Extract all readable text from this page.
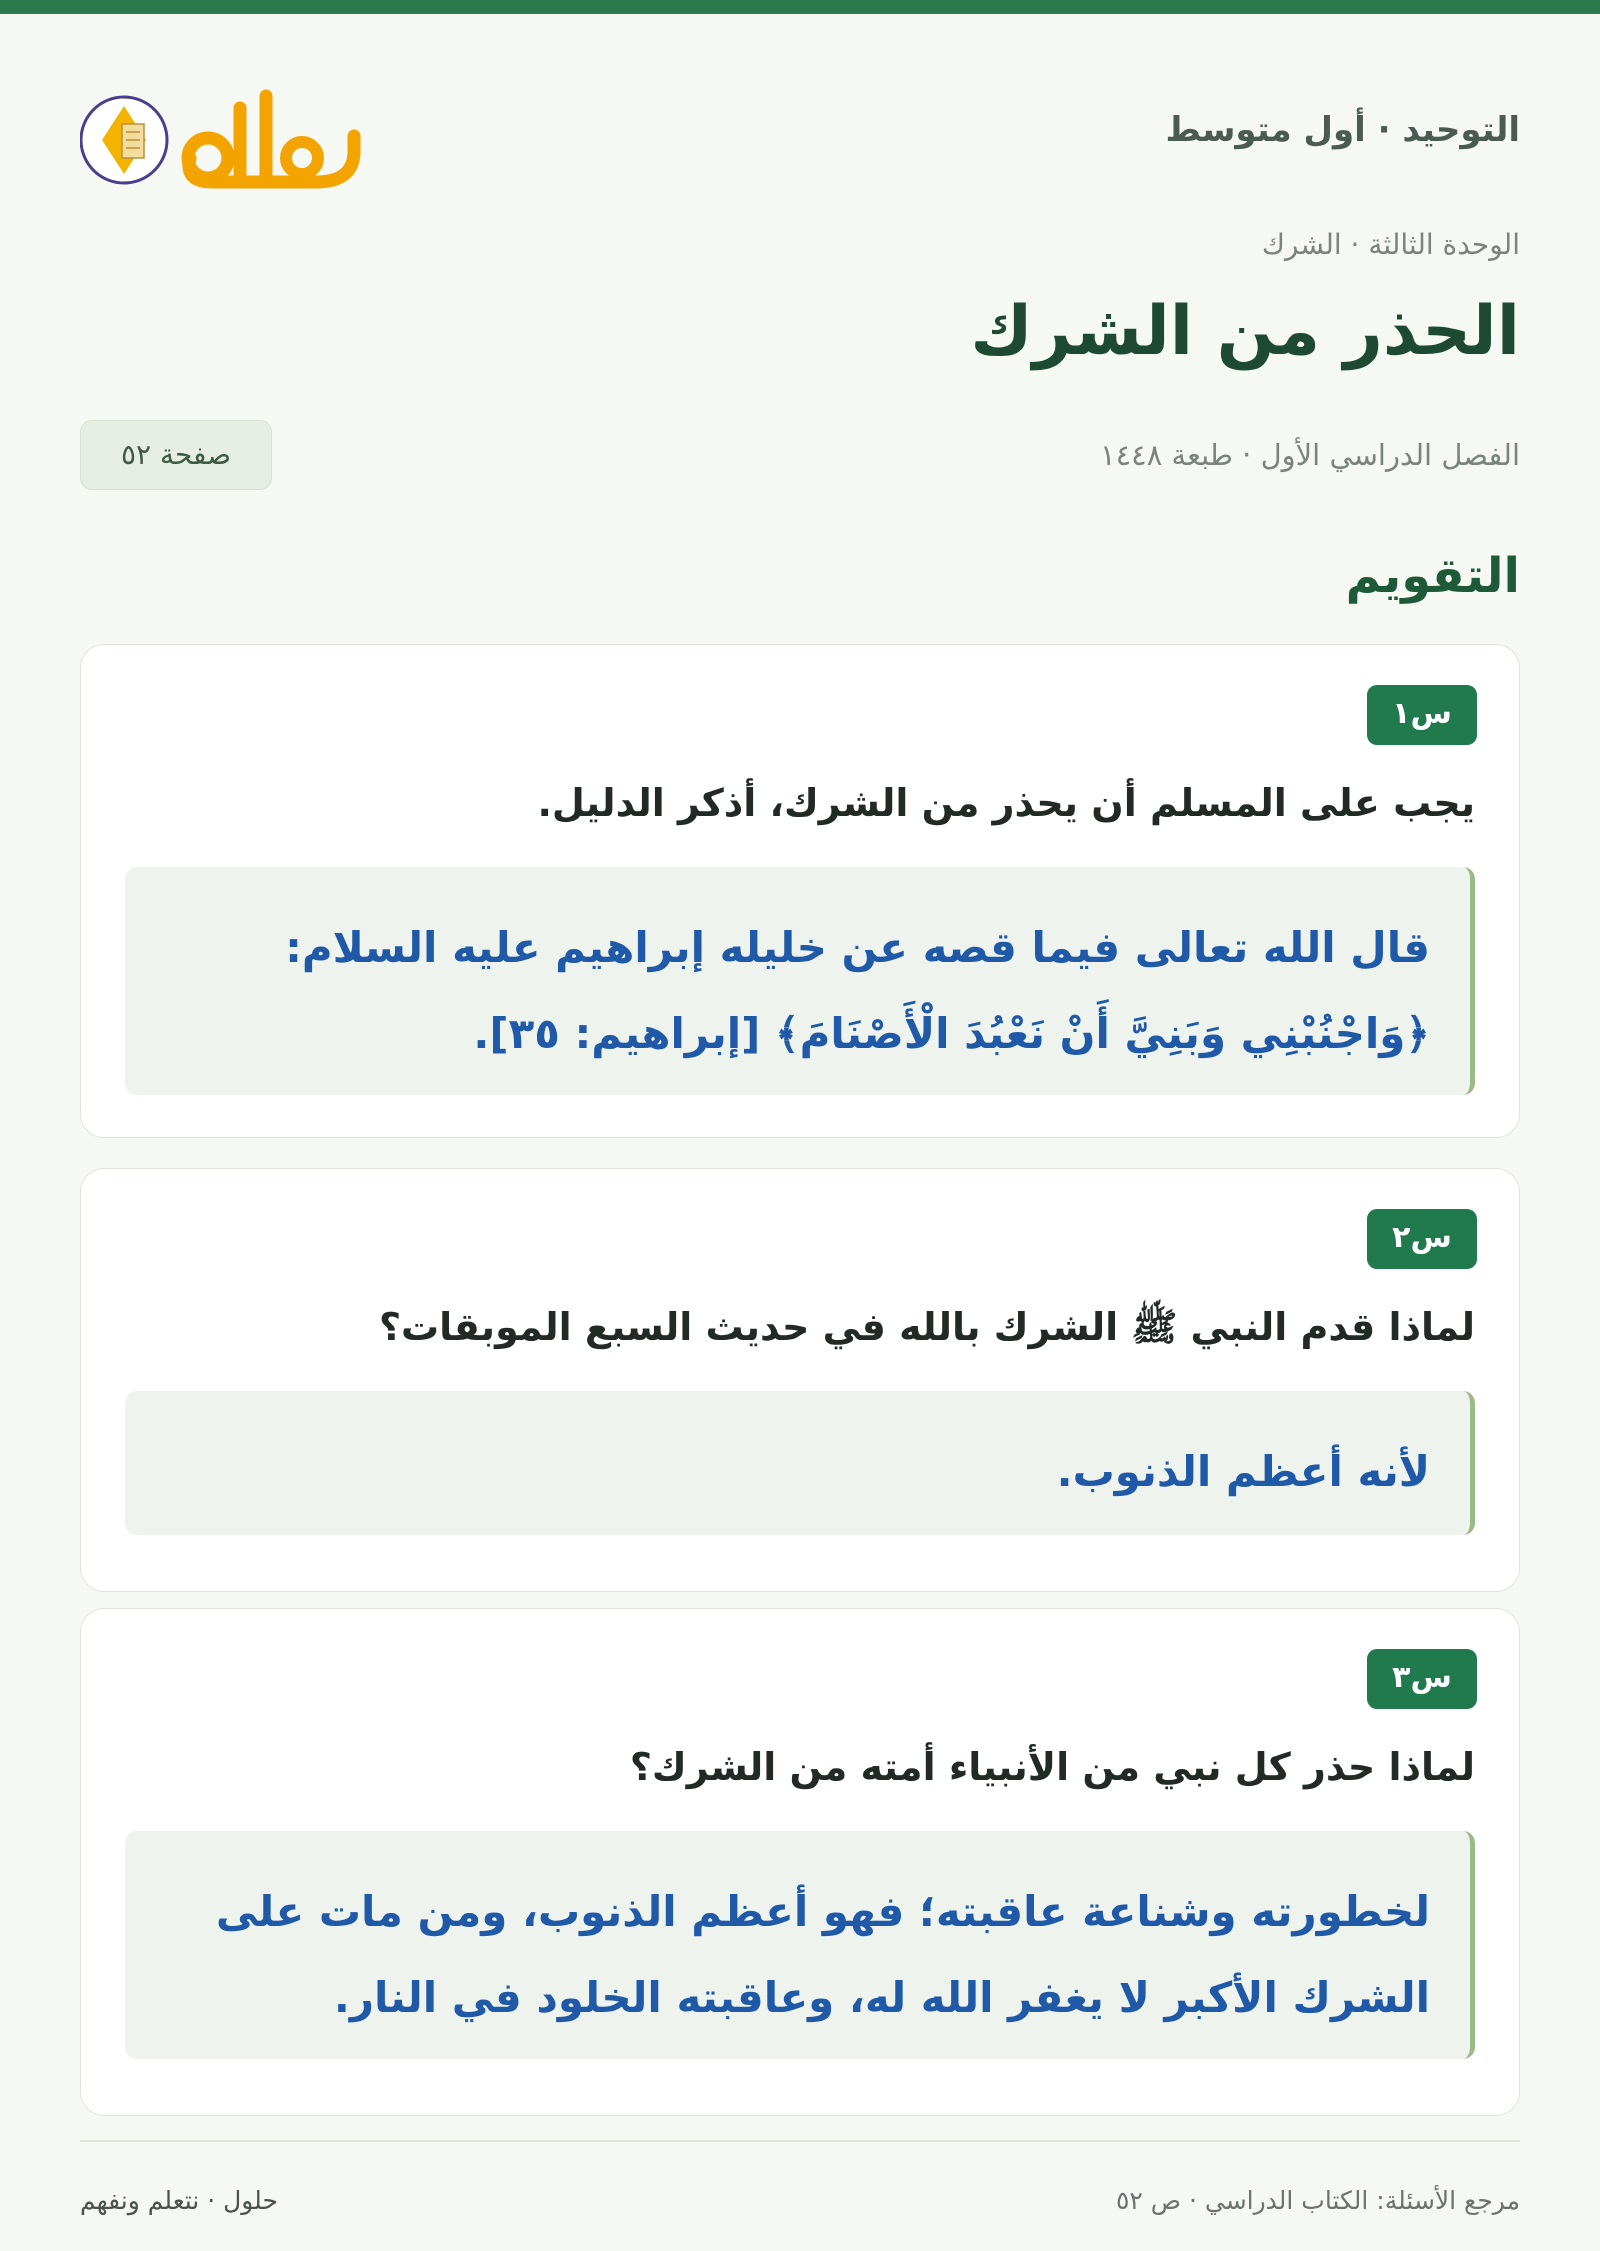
التوحيد · أول متوسط
الوحدة الثالثة · الشرك
الحذر من الشرك
الفصل الدراسي الأول · طبعة ١٤٤٨
صفحة ٥٢
التقويم
س١
يجب على المسلم أن يحذر من الشرك، أذكر الدليل.
قال الله تعالى فيما قصه عن خليله إبراهيم عليه السلام:
﴿وَاجْنُبْنِي وَبَنِيَّ أَنْ نَعْبُدَ الْأَصْنَامَ﴾ [إبراهيم: ٣٥].
س٢
لماذا قدم النبي ﷺ الشرك بالله في حديث السبع الموبقات؟
لأنه أعظم الذنوب.
س٣
لماذا حذر كل نبي من الأنبياء أمته من الشرك؟
لخطورته وشناعة عاقبته؛ فهو أعظم الذنوب، ومن مات على
الشرك الأكبر لا يغفر الله له، وعاقبته الخلود في النار.
مرجع الأسئلة: الكتاب الدراسي · ص ٥٢
حلول · نتعلم ونفهم
